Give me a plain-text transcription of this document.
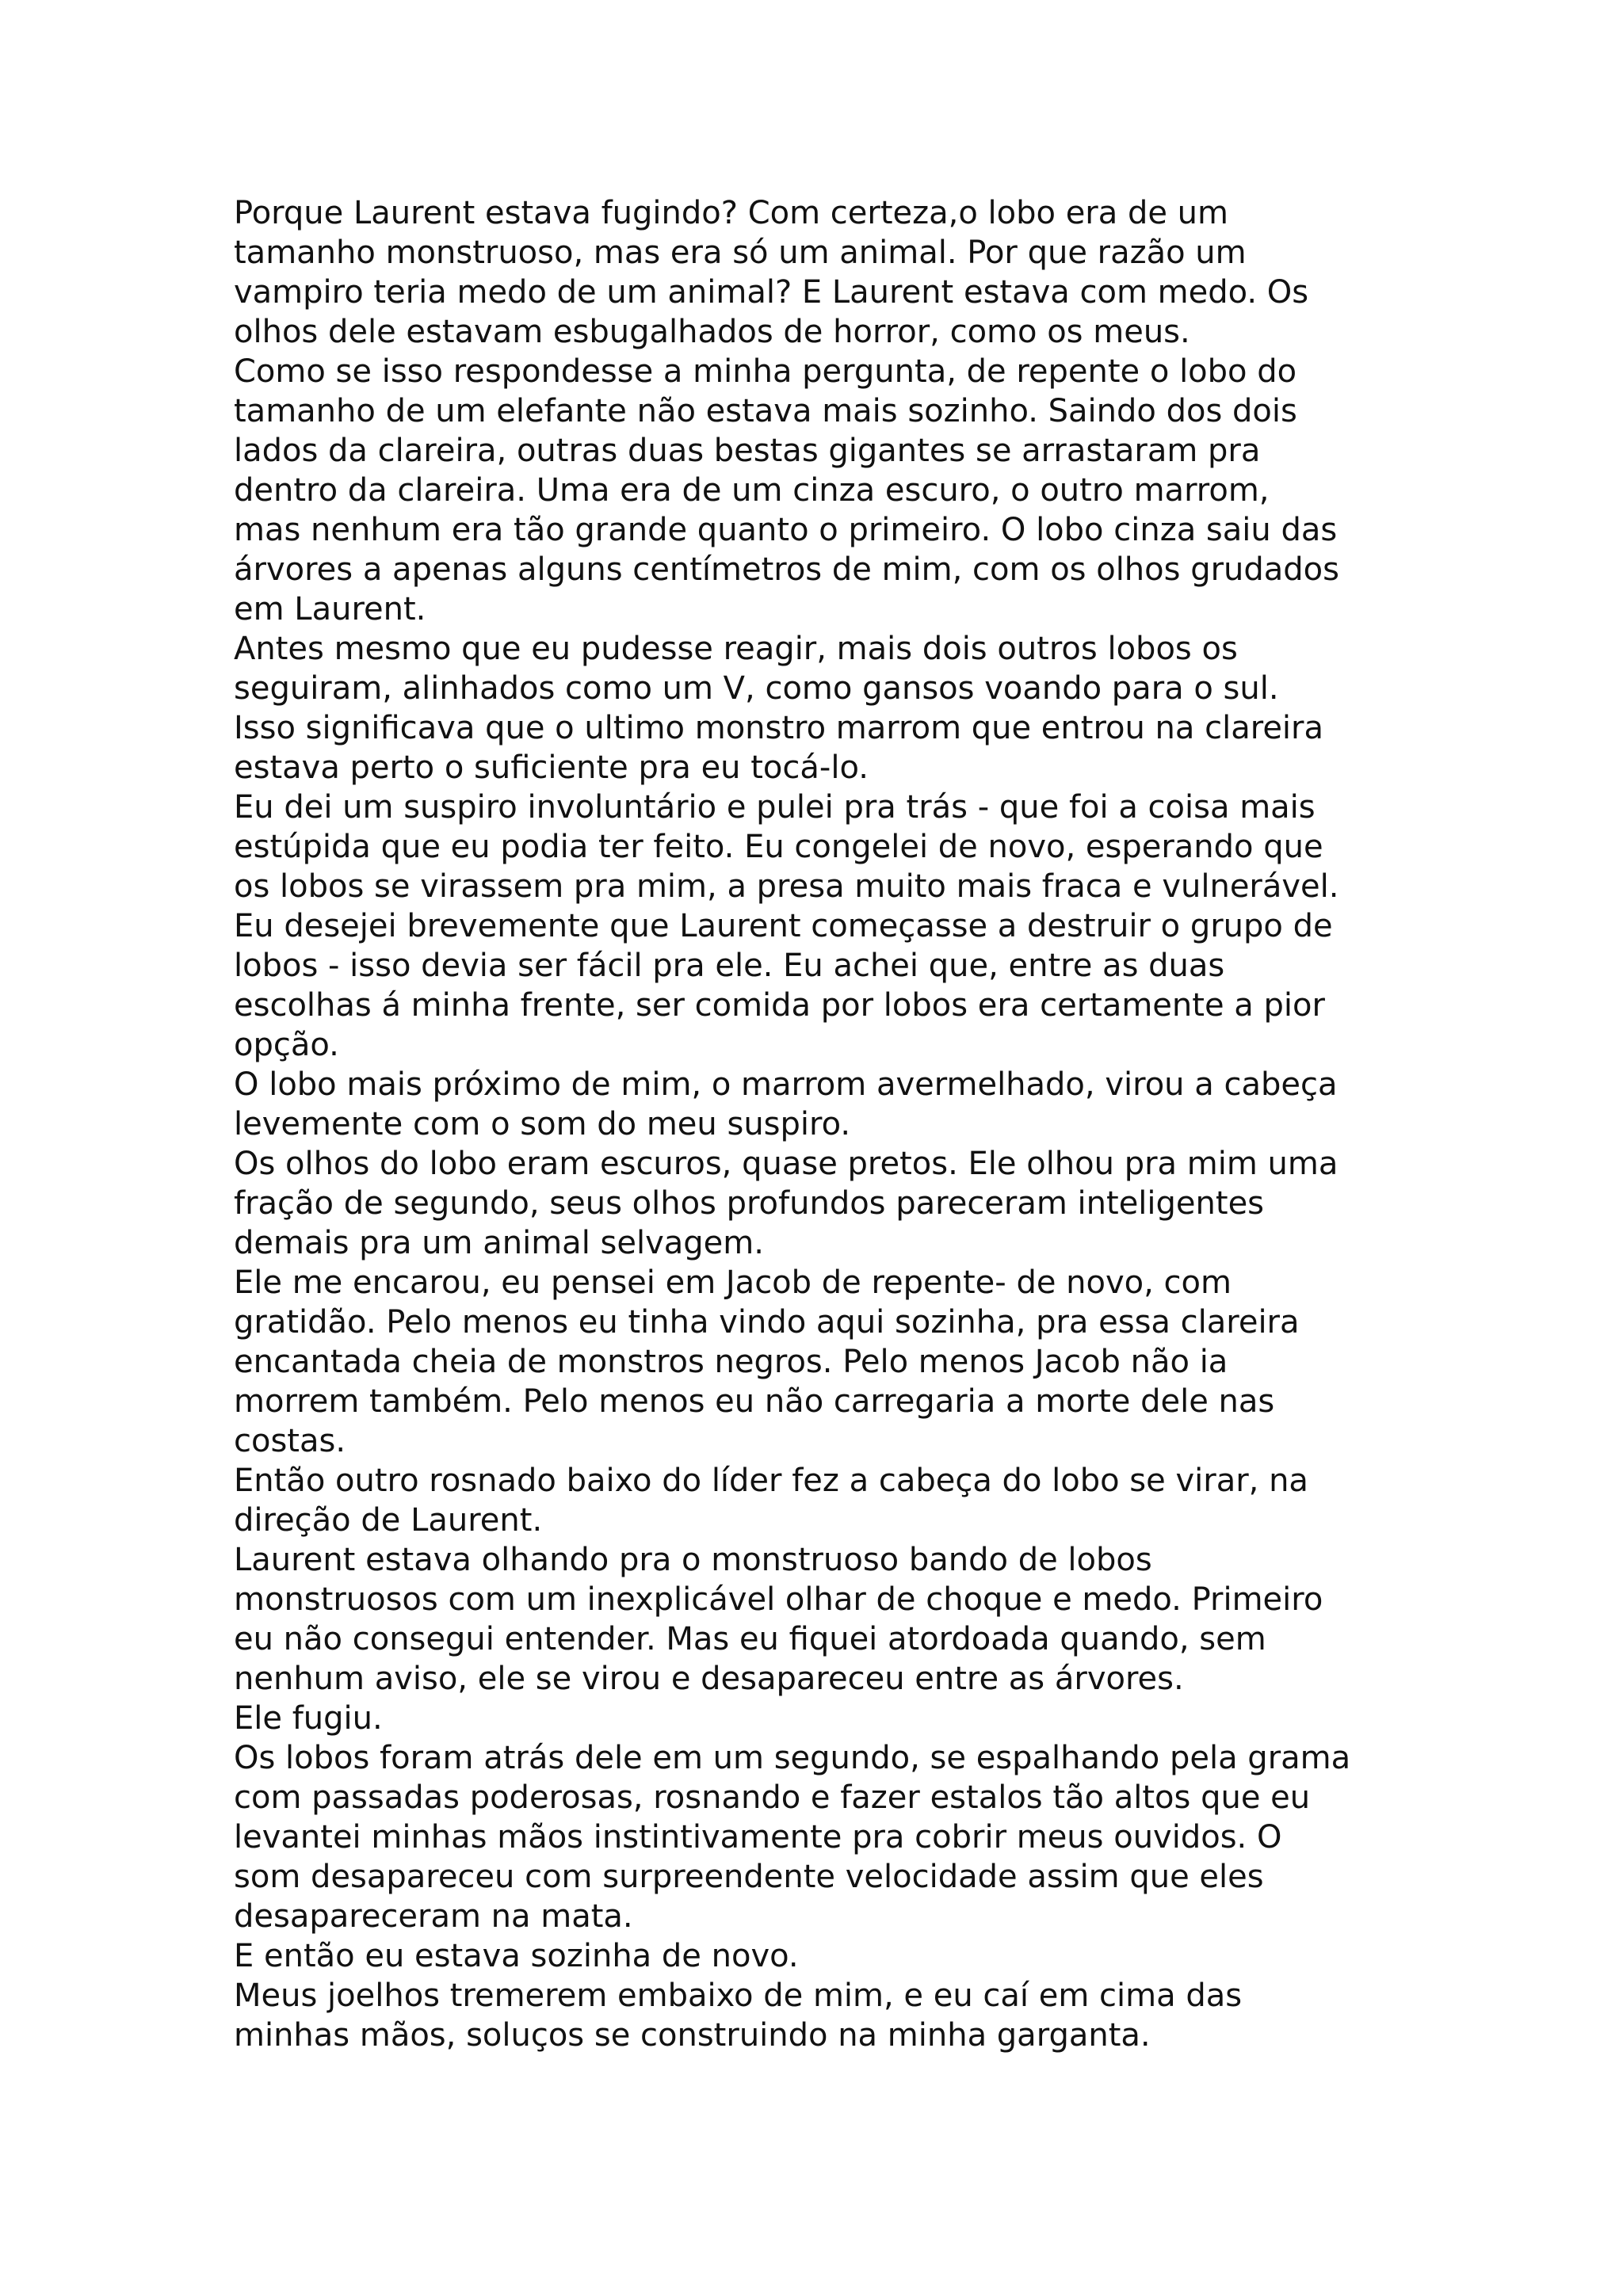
Porque Laurent estava fugindo? Com certeza,o lobo era de um
tamanho monstruoso, mas era só um animal. Por que razão um
vampiro teria medo de um animal? E Laurent estava com medo. Os
olhos dele estavam esbugalhados de horror, como os meus.
Como se isso respondesse a minha pergunta, de repente o lobo do
tamanho de um elefante não estava mais sozinho. Saindo dos dois
lados da clareira, outras duas bestas gigantes se arrastaram pra
dentro da clareira. Uma era de um cinza escuro, o outro marrom,
mas nenhum era tão grande quanto o primeiro. O lobo cinza saiu das
árvores a apenas alguns centímetros de mim, com os olhos grudados
em Laurent.
Antes mesmo que eu pudesse reagir, mais dois outros lobos os
seguiram, alinhados como um V, como gansos voando para o sul.
Isso significava que o ultimo monstro marrom que entrou na clareira
estava perto o suficiente pra eu tocá-lo.
Eu dei um suspiro involuntário e pulei pra trás - que foi a coisa mais
estúpida que eu podia ter feito. Eu congelei de novo, esperando que
os lobos se virassem pra mim, a presa muito mais fraca e vulnerável.
Eu desejei brevemente que Laurent começasse a destruir o grupo de
lobos - isso devia ser fácil pra ele. Eu achei que, entre as duas
escolhas á minha frente, ser comida por lobos era certamente a pior
opção.
O lobo mais próximo de mim, o marrom avermelhado, virou a cabeça
levemente com o som do meu suspiro.
Os olhos do lobo eram escuros, quase pretos. Ele olhou pra mim uma
fração de segundo, seus olhos profundos pareceram inteligentes
demais pra um animal selvagem.
Ele me encarou, eu pensei em Jacob de repente- de novo, com
gratidão. Pelo menos eu tinha vindo aqui sozinha, pra essa clareira
encantada cheia de monstros negros. Pelo menos Jacob não ia
morrem também. Pelo menos eu não carregaria a morte dele nas
costas.
Então outro rosnado baixo do líder fez a cabeça do lobo se virar, na
direção de Laurent.
Laurent estava olhando pra o monstruoso bando de lobos
monstruosos com um inexplicável olhar de choque e medo. Primeiro
eu não consegui entender. Mas eu fiquei atordoada quando, sem
nenhum aviso, ele se virou e desapareceu entre as árvores.
Ele fugiu.
Os lobos foram atrás dele em um segundo, se espalhando pela grama
com passadas poderosas, rosnando e fazer estalos tão altos que eu
levantei minhas mãos instintivamente pra cobrir meus ouvidos. O
som desapareceu com surpreendente velocidade assim que eles
desapareceram na mata.
E então eu estava sozinha de novo.
Meus joelhos tremerem embaixo de mim, e eu caí em cima das
minhas mãos, soluços se construindo na minha garganta.
